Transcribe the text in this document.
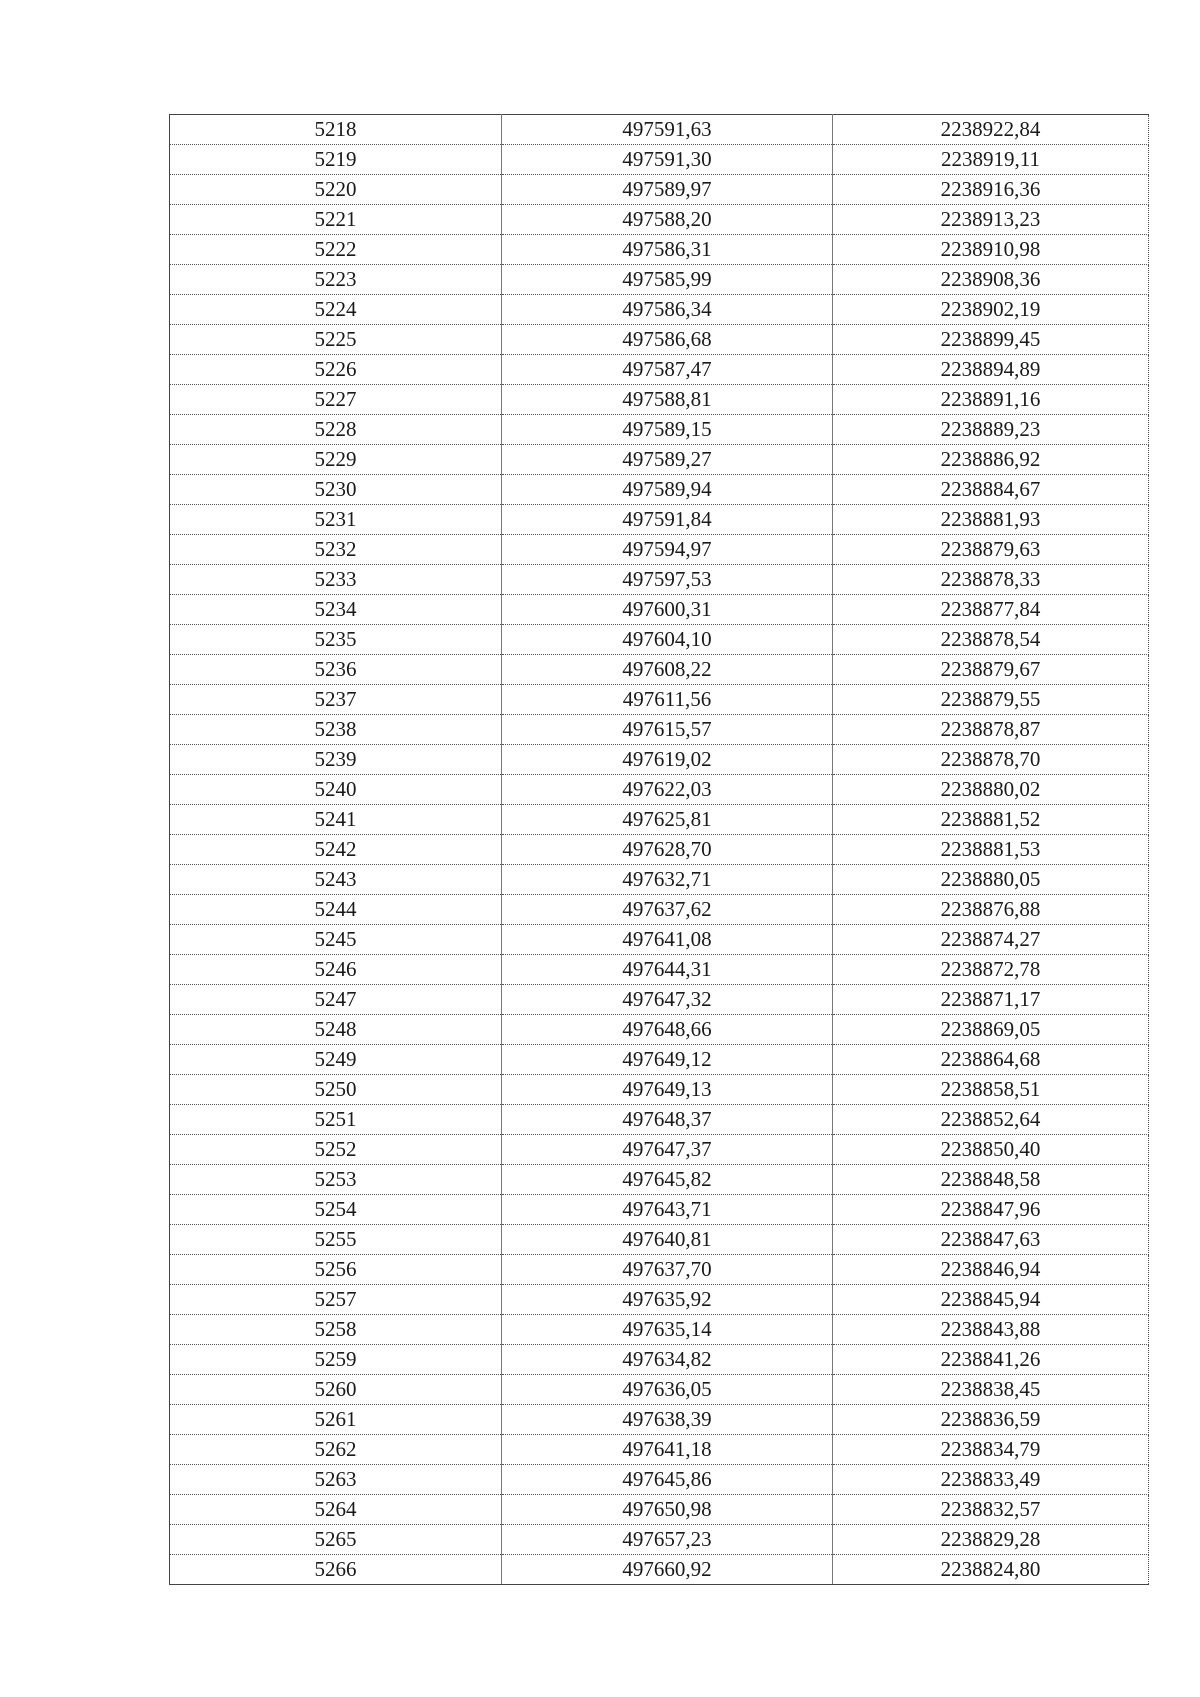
5218	497591,63	2238922,84
5219	497591,30	2238919,11
5220	497589,97	2238916,36
5221	497588,20	2238913,23
5222	497586,31	2238910,98
5223	497585,99	2238908,36
5224	497586,34	2238902,19
5225	497586,68	2238899,45
5226	497587,47	2238894,89
5227	497588,81	2238891,16
5228	497589,15	2238889,23
5229	497589,27	2238886,92
5230	497589,94	2238884,67
5231	497591,84	2238881,93
5232	497594,97	2238879,63
5233	497597,53	2238878,33
5234	497600,31	2238877,84
5235	497604,10	2238878,54
5236	497608,22	2238879,67
5237	497611,56	2238879,55
5238	497615,57	2238878,87
5239	497619,02	2238878,70
5240	497622,03	2238880,02
5241	497625,81	2238881,52
5242	497628,70	2238881,53
5243	497632,71	2238880,05
5244	497637,62	2238876,88
5245	497641,08	2238874,27
5246	497644,31	2238872,78
5247	497647,32	2238871,17
5248	497648,66	2238869,05
5249	497649,12	2238864,68
5250	497649,13	2238858,51
5251	497648,37	2238852,64
5252	497647,37	2238850,40
5253	497645,82	2238848,58
5254	497643,71	2238847,96
5255	497640,81	2238847,63
5256	497637,70	2238846,94
5257	497635,92	2238845,94
5258	497635,14	2238843,88
5259	497634,82	2238841,26
5260	497636,05	2238838,45
5261	497638,39	2238836,59
5262	497641,18	2238834,79
5263	497645,86	2238833,49
5264	497650,98	2238832,57
5265	497657,23	2238829,28
5266	497660,92	2238824,80
